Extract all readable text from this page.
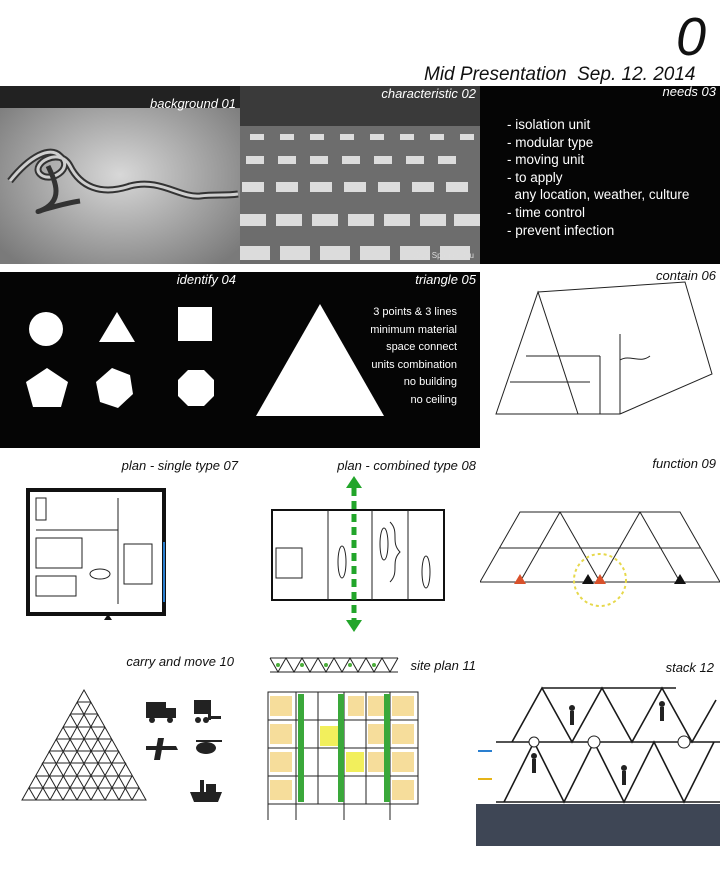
0
Mid Presentation  Sep. 12. 2014
background 01
characteristic 02
1919 Spanish Flu
needs 03
- isolation unit
- modular type
- moving unit
- to apply
any location, weather, culture
- time control
- prevent infection
identify 04	triangle 05
3 points & 3 lines
minimum material
space connect
units combination
no building
no ceiling
contain 06
plan - single type 07	plan - combined type 08	function 09
carry and move 10	site plan 11	stack 12
